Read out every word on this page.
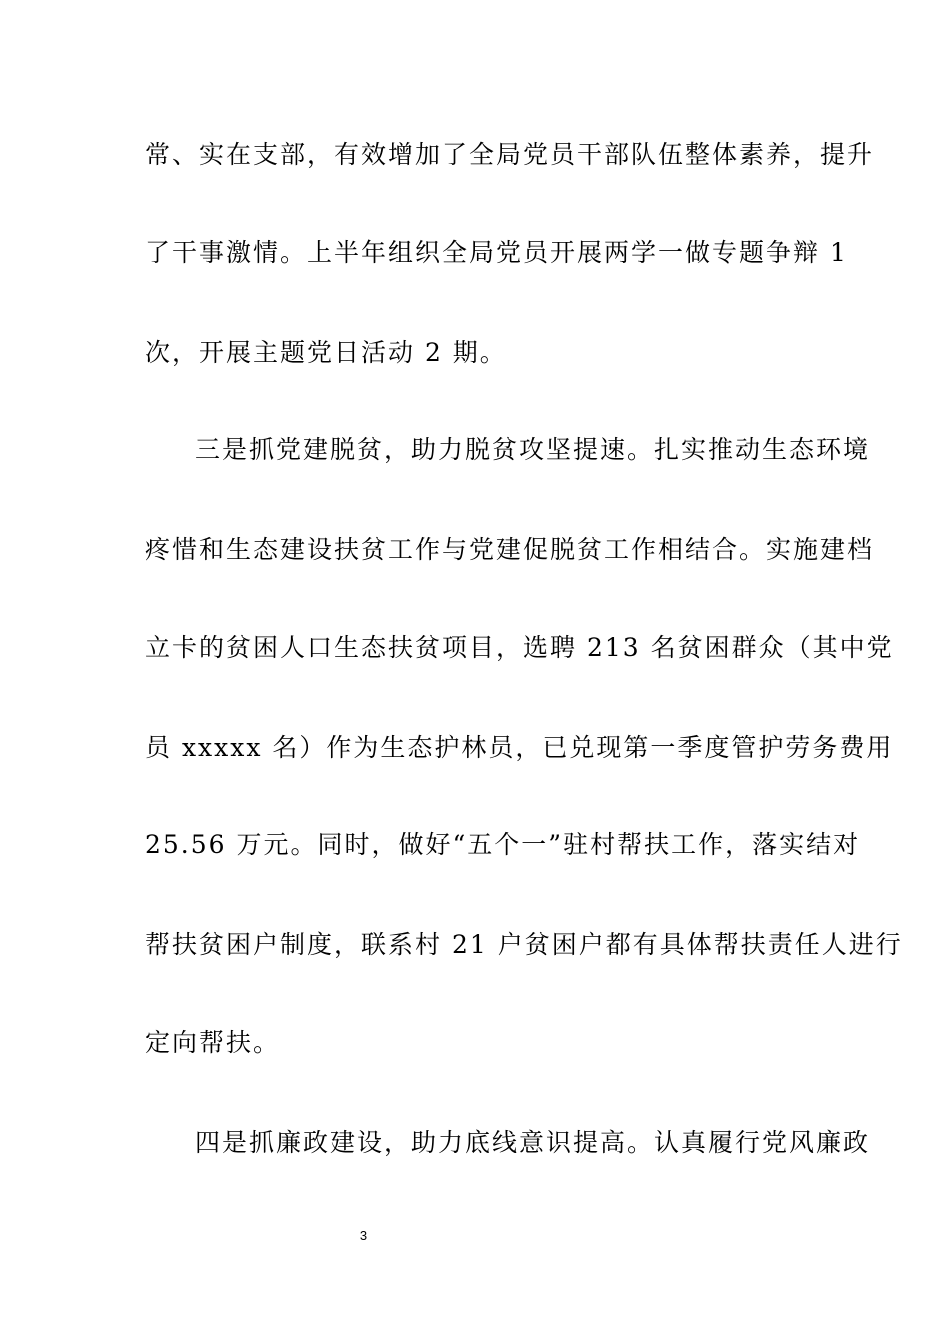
常、实在支部，有效增加了全局党员干部队伍整体素养，提升
了干事激情。上半年组织全局党员开展两学一做专题争辩 1
次，开展主题党日活动 2 期。
三是抓党建脱贫，助力脱贫攻坚提速。扎实推动生态环境
疼惜和生态建设扶贫工作与党建促脱贫工作相结合。实施建档
立卡的贫困人口生态扶贫项目，选聘 213 名贫困群众（其中党
员 xxxxx 名）作为生态护林员，已兑现第一季度管护劳务费用
25.56 万元。同时，做好“五个一”驻村帮扶工作，落实结对
帮扶贫困户制度，联系村 21 户贫困户都有具体帮扶责任人进行
定向帮扶。
四是抓廉政建设，助力底线意识提高。认真履行党风廉政
3
